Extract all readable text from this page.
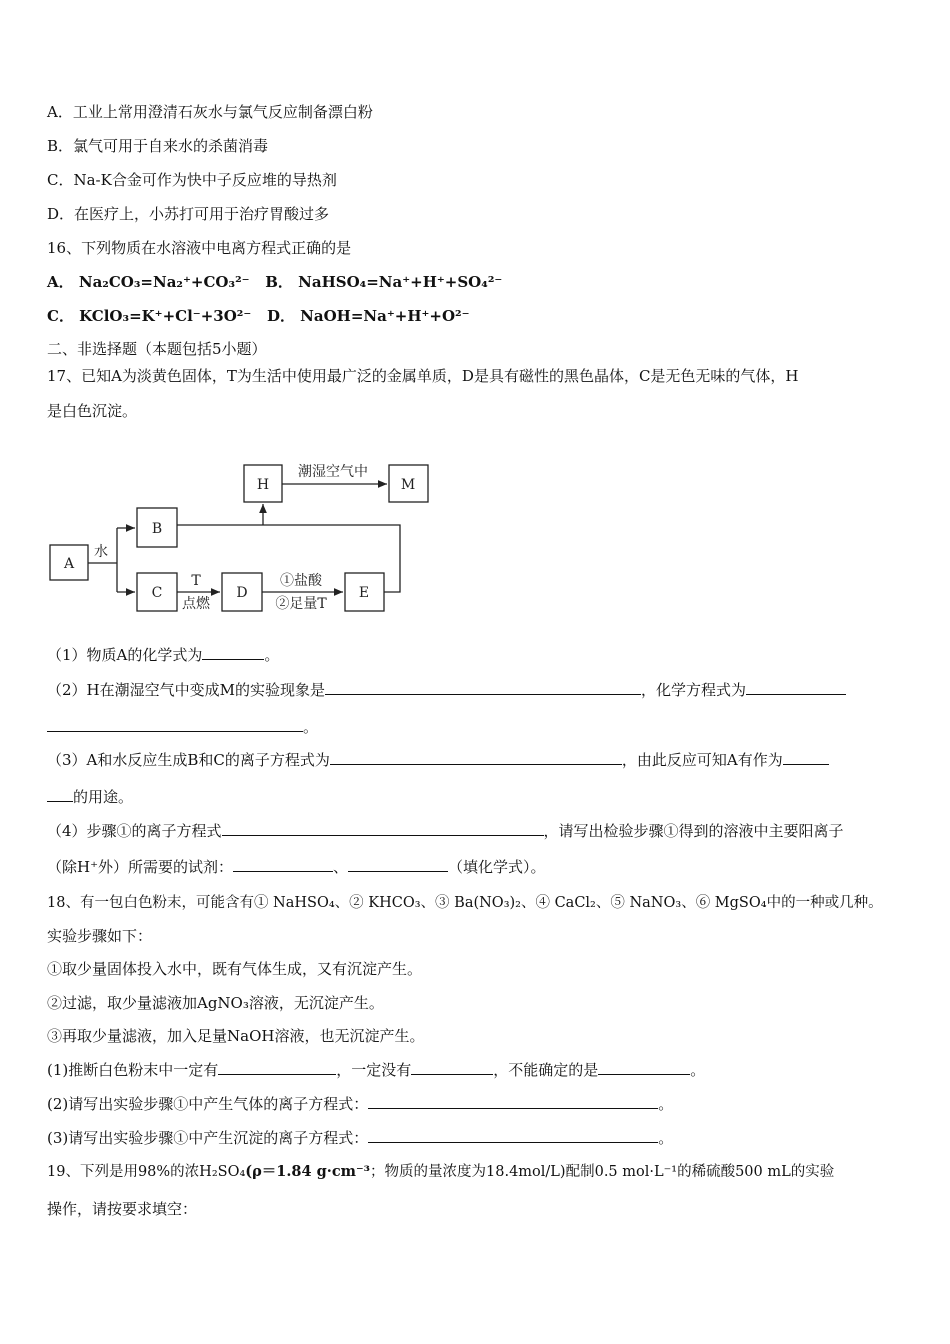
A．工业上常用澄清石灰水与氯气反应制备漂白粉
B．氯气可用于自来水的杀菌消毒
C．Na-K合金可作为快中子反应堆的导热剂
D．在医疗上，小苏打可用于治疗胃酸过多
16、下列物质在水溶液中电离方程式正确的是
A． Na₂CO₃=Na₂⁺+CO₃²⁻ B． NaHSO₄=Na⁺+H⁺+SO₄²⁻
C． KClO₃=K⁺+Cl⁻+3O²⁻ D． NaOH=Na⁺+H⁺+O²⁻
二、非选择题（本题包括5小题）
17、已知A为淡黄色固体，T为生活中使用最广泛的金属单质，D是具有磁性的黑色晶体，C是无色无味的气体，H
是白色沉淀。
A
B
C	D	E
H	M
水
潮湿空气中
T
点燃
①盐酸
②足量T
（1）物质A的化学式为	。
（2）H在潮湿空气中变成M的实验现象是	，化学方程式为
。
（3）A和水反应生成B和C的离子方程式为	，由此反应可知A有作为
的用途。
（4）步骤①的离子方程式	，请写出检验步骤①得到的溶液中主要阳离子
（除H⁺外）所需要的试剂：	、	（填化学式）。
18、有一包白色粉末，可能含有① NaHSO₄、② KHCO₃、③ Ba(NO₃)₂、④ CaCl₂、⑤ NaNO₃、⑥ MgSO₄中的一种或几种。
实验步骤如下：
①取少量固体投入水中，既有气体生成，又有沉淀产生。
②过滤，取少量滤液加AgNO₃溶液，无沉淀产生。
③再取少量滤液，加入足量NaOH溶液，也无沉淀产生。
(1)推断白色粉末中一定有	，一定没有	，不能确定的是	。
(2)请写出实验步骤①中产生气体的离子方程式：	。
(3)请写出实验步骤①中产生沉淀的离子方程式：	。
19、下列是用98%的浓H₂SO₄(ρ＝1.84 g·cm⁻³；物质的量浓度为18.4mol/L)配制0.5 mol·L⁻¹的稀硫酸500 mL的实验
操作，请按要求填空：
